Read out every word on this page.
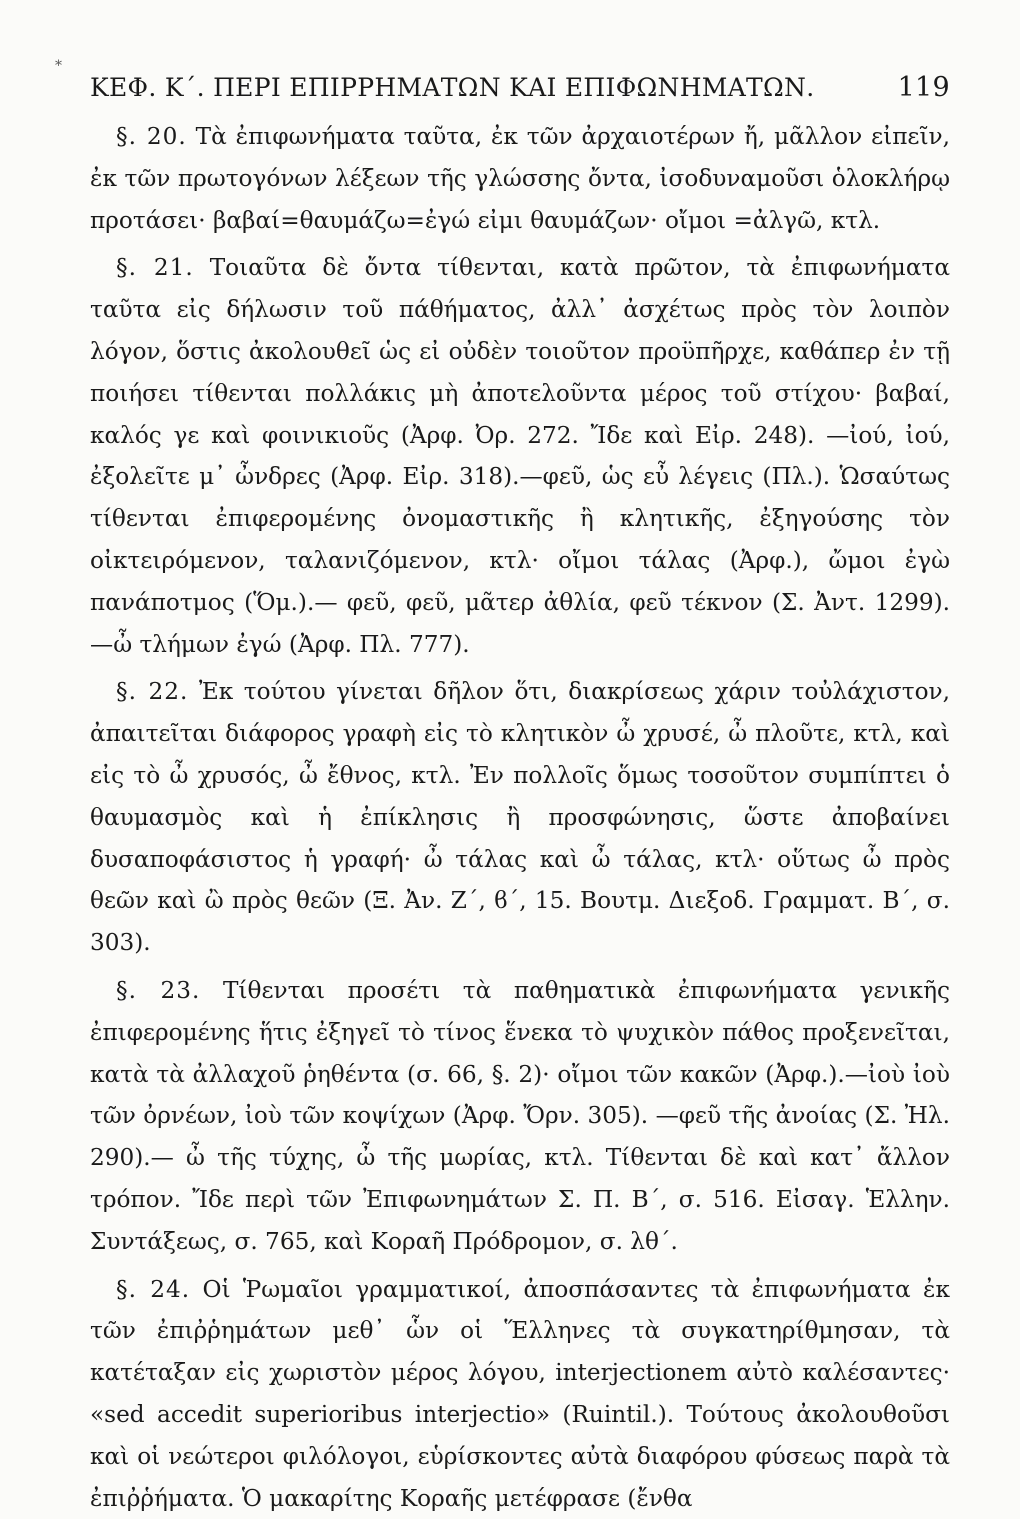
*
ΚΕΦ. Κ΄. ΠΕΡΙ ΕΠΙΡΡΗΜΑΤΩΝ ΚΑΙ ΕΠΙΦΩΝΗΜΑΤΩΝ.	119

§. 20. Τὰ ἐπιφωνήματα ταῦτα, ἐκ τῶν ἀρχαιοτέρων ἤ, μᾶλλον εἰπεῖν, ἐκ τῶν πρωτογόνων λέξεων τῆς γλώσσης ὄντα, ἰσοδυναμοῦσι ὁλοκλήρῳ προτάσει· βαβαί=θαυμάζω=ἐγώ εἰμι θαυμάζων· οἴμοι =ἀλγῶ, κτλ.

§. 21. Τοιαῦτα δὲ ὄντα τίθενται, κατὰ πρῶτον, τὰ ἐπιφωνήματα ταῦτα εἰς δήλωσιν τοῦ πάθήματος, ἀλλ᾽ ἀσχέτως πρὸς τὸν λοιπὸν λόγον, ὅστις ἀκολουθεῖ ὡς εἰ οὐδὲν τοιοῦτον προϋπῆρχε, καθάπερ ἐν τῇ ποιήσει τίθενται πολλάκις μὴ ἀποτελοῦντα μέρος τοῦ στίχου· βαβαί, καλός γε καὶ φοινικιοῦς (Ἀρφ. Ὀρ. 272. Ἴδε καὶ Εἰρ. 248). —ἰού, ἰού, ἐξολεῖτε μ᾽ ὦνδρες (Ἀρφ. Εἰρ. 318).—φεῦ, ὡς εὖ λέγεις (Πλ.). Ὡσαύτως τίθενται ἐπιφερομένης ὀνομαστικῆς ἢ κλητικῆς, ἐξηγούσης τὸν οἰκτειρόμενον, ταλανιζόμενον, κτλ· οἴμοι τάλας (Ἀρφ.), ὤμοι ἐγὼ πανάποτμος (Ὅμ.).— φεῦ, φεῦ, μᾶτερ ἀθλία, φεῦ τέκνον (Σ. Ἀντ. 1299).—ὦ τλήμων ἐγώ (Ἀρφ. Πλ. 777).

§. 22. Ἐκ τούτου γίνεται δῆλον ὅτι, διακρίσεως χάριν τοὐλάχιστον, ἀπαιτεῖται διάφορος γραφὴ εἰς τὸ κλητικὸν ὦ χρυσέ, ὦ πλοῦτε, κτλ, καὶ εἰς τὸ ὦ χρυσός, ὦ ἔθνος, κτλ. Ἐν πολλοῖς ὅμως τοσοῦτον συμπίπτει ὁ θαυμασμὸς καὶ ἡ ἐπίκλησις ἢ προσφώνησις, ὥστε ἀποβαίνει δυσαποφάσιστος ἡ γραφή· ὦ τάλας καὶ ὦ τάλας, κτλ· οὕτως ὦ πρὸς θεῶν καὶ ὢ πρὸς θεῶν (Ξ. Ἀν. Ζ΄, ϐ΄, 15. Βουτμ. Διεξοδ. Γραμματ. Β΄, σ. 303).

§. 23. Τίθενται προσέτι τὰ παθηματικὰ ἐπιφωνήματα γενικῆς ἐπιφερομένης ἥτις ἐξηγεῖ τὸ τίνος ἕνεκα τὸ ψυχικὸν πάθος προξενεῖται, κατὰ τὰ ἀλλαχοῦ ῥηθέντα (σ. 66, §. 2)· οἴμοι τῶν κακῶν (Ἀρφ.).—ἰοὺ ἰοὺ τῶν ὀρνέων, ἰοὺ τῶν κοψίχων (Ἀρφ. Ὄρν. 305). —φεῦ τῆς ἀνοίας (Σ. Ἠλ. 290).— ὦ τῆς τύχης, ὦ τῆς μωρίας, κτλ. Τίθενται δὲ καὶ κατ᾽ ἄλλον τρόπον. Ἴδε περὶ τῶν Ἐπιφωνημάτων Σ. Π. Β΄, σ. 516. Εἰσαγ. Ἑλλην. Συντάξεως, σ. 765, καὶ Κοραῆ Πρόδρομον, σ. λθ΄.

§. 24. Οἱ Ῥωμαῖοι γραμματικοί, ἀποσπάσαντες τὰ ἐπιφωνήματα ἐκ τῶν ἐπιῤῥημάτων μεθ᾽ ὧν οἱ Ἕλληνες τὰ συγκατηρίθμησαν, τὰ κατέταξαν εἰς χωριστὸν μέρος λόγου, interjectionem αὐτὸ καλέσαντες· «sed accedit superioribus interjectio» (Ruintil.). Τούτους ἀκολουθοῦσι καὶ οἱ νεώτεροι φιλόλογοι, εὑρίσκοντες αὐτὰ διαφόρου φύσεως παρὰ τὰ ἐπιῤῥήματα. Ὁ μακαρίτης Κοραῆς μετέφρασε (ἔνθα
